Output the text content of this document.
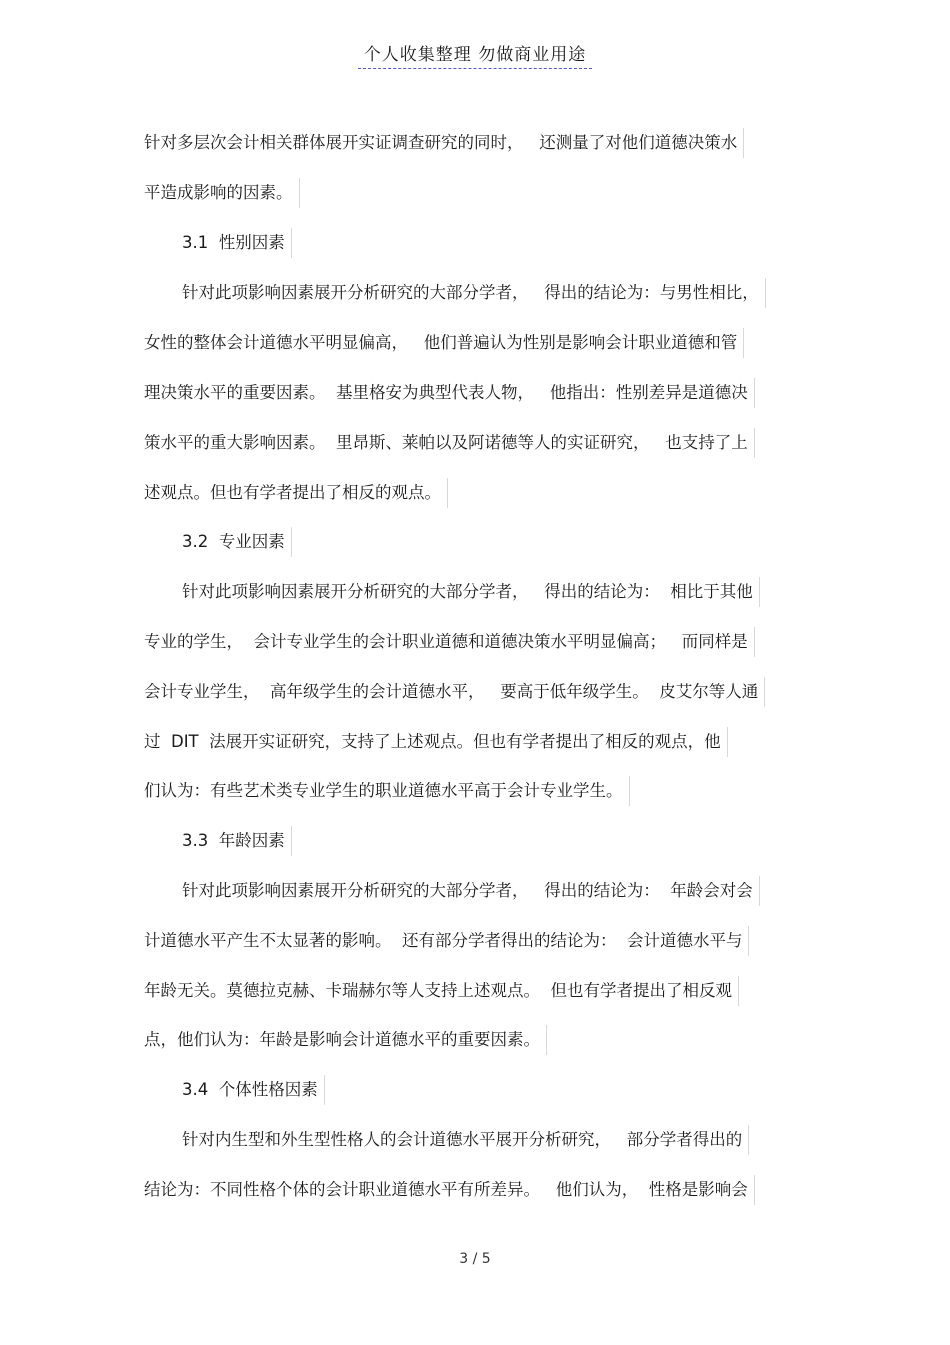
个人收集整理 勿做商业用途
针对多层次会计相关群体展开实证调查研究的同时，   还测量了对他们道德决策水
平造成影响的因素。
3.1  性别因素
针对此项影响因素展开分析研究的大部分学者，   得出的结论为：与男性相比，
女性的整体会计道德水平明显偏高，   他们普遍认为性别是影响会计职业道德和管
理决策水平的重要因素。  基里格安为典型代表人物，   他指出：性别差异是道德决
策水平的重大影响因素。  里昂斯、莱帕以及阿诺德等人的实证研究，   也支持了上
述观点。但也有学者提出了相反的观点。
3.2  专业因素
针对此项影响因素展开分析研究的大部分学者，   得出的结论为：  相比于其他
专业的学生，  会计专业学生的会计职业道德和道德决策水平明显偏高；   而同样是
会计专业学生，  高年级学生的会计道德水平，   要高于低年级学生。  皮艾尔等人通
过  DIT  法展开实证研究，支持了上述观点。但也有学者提出了相反的观点，他
们认为：有些艺术类专业学生的职业道德水平高于会计专业学生。
3.3  年龄因素
针对此项影响因素展开分析研究的大部分学者，   得出的结论为：  年龄会对会
计道德水平产生不太显著的影响。  还有部分学者得出的结论为：  会计道德水平与
年龄无关。莫德拉克赫、卡瑞赫尔等人支持上述观点。  但也有学者提出了相反观
点，他们认为：年龄是影响会计道德水平的重要因素。
3.4  个体性格因素
针对内生型和外生型性格人的会计道德水平展开分析研究，   部分学者得出的
结论为：不同性格个体的会计职业道德水平有所差异。   他们认为，  性格是影响会
3 / 5
